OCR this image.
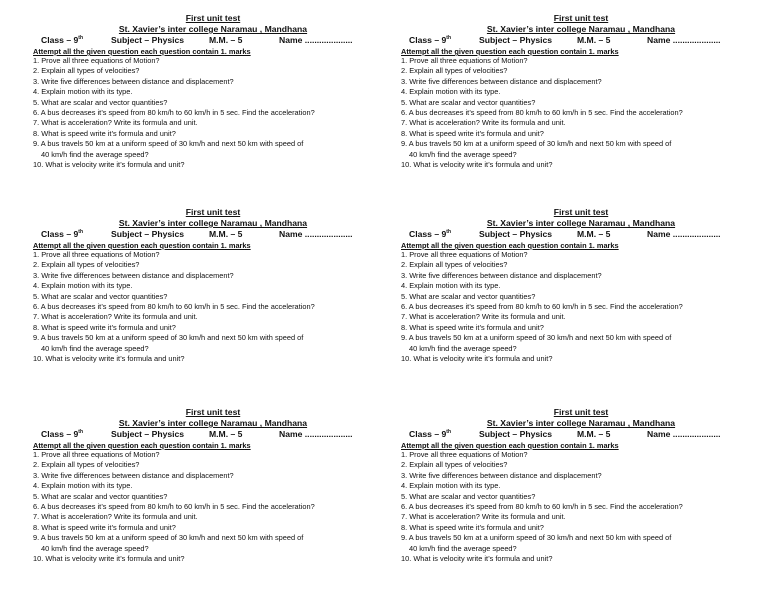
First unit test
St. Xavier’s inter college Naramau , Mandhana
Class – 9th	Subject – Physics	M.M. – 5	Name ....................
Attempt all the given question each question contain 1. marks
1. Prove all three equations of Motion?
2. Explain all types of velocities?
3. Write five differences between distance and displacement?
4. Explain motion with its type.
5. What are scalar and vector quantities?
6. A bus decreases it’s speed from 80 km/h to 60 km/h in 5 sec. Find the acceleration?
7. What is acceleration? Write its formula and unit.
8. What is speed write it’s formula and unit?
9. A bus travels 50 km at a uniform speed of 30 km/h and next 50 km with speed of
40 km/h find the average speed?
10. What is velocity write it’s formula and unit?
First unit test
St. Xavier’s inter college Naramau , Mandhana
Class – 9th	Subject – Physics	M.M. – 5	Name ....................
Attempt all the given question each question contain 1. marks
1. Prove all three equations of Motion?
2. Explain all types of velocities?
3. Write five differences between distance and displacement?
4. Explain motion with its type.
5. What are scalar and vector quantities?
6. A bus decreases it’s speed from 80 km/h to 60 km/h in 5 sec. Find the acceleration?
7. What is acceleration? Write its formula and unit.
8. What is speed write it’s formula and unit?
9. A bus travels 50 km at a uniform speed of 30 km/h and next 50 km with speed of
40 km/h find the average speed?
10. What is velocity write it’s formula and unit?
First unit test
St. Xavier’s inter college Naramau , Mandhana
Class – 9th	Subject – Physics	M.M. – 5	Name ....................
Attempt all the given question each question contain 1. marks
1. Prove all three equations of Motion?
2. Explain all types of velocities?
3. Write five differences between distance and displacement?
4. Explain motion with its type.
5. What are scalar and vector quantities?
6. A bus decreases it’s speed from 80 km/h to 60 km/h in 5 sec. Find the acceleration?
7. What is acceleration? Write its formula and unit.
8. What is speed write it’s formula and unit?
9. A bus travels 50 km at a uniform speed of 30 km/h and next 50 km with speed of
40 km/h find the average speed?
10. What is velocity write it’s formula and unit?
First unit test
St. Xavier’s inter college Naramau , Mandhana
Class – 9th	Subject – Physics	M.M. – 5	Name ....................
Attempt all the given question each question contain 1. marks
1. Prove all three equations of Motion?
2. Explain all types of velocities?
3. Write five differences between distance and displacement?
4. Explain motion with its type.
5. What are scalar and vector quantities?
6. A bus decreases it’s speed from 80 km/h to 60 km/h in 5 sec. Find the acceleration?
7. What is acceleration? Write its formula and unit.
8. What is speed write it’s formula and unit?
9. A bus travels 50 km at a uniform speed of 30 km/h and next 50 km with speed of
40 km/h find the average speed?
10. What is velocity write it’s formula and unit?
First unit test
St. Xavier’s inter college Naramau , Mandhana
Class – 9th	Subject – Physics	M.M. – 5	Name ....................
Attempt all the given question each question contain 1. marks
1. Prove all three equations of Motion?
2. Explain all types of velocities?
3. Write five differences between distance and displacement?
4. Explain motion with its type.
5. What are scalar and vector quantities?
6. A bus decreases it’s speed from 80 km/h to 60 km/h in 5 sec. Find the acceleration?
7. What is acceleration? Write its formula and unit.
8. What is speed write it’s formula and unit?
9. A bus travels 50 km at a uniform speed of 30 km/h and next 50 km with speed of
40 km/h find the average speed?
10. What is velocity write it’s formula and unit?
First unit test
St. Xavier’s inter college Naramau , Mandhana
Class – 9th	Subject – Physics	M.M. – 5	Name ....................
Attempt all the given question each question contain 1. marks
1. Prove all three equations of Motion?
2. Explain all types of velocities?
3. Write five differences between distance and displacement?
4. Explain motion with its type.
5. What are scalar and vector quantities?
6. A bus decreases it’s speed from 80 km/h to 60 km/h in 5 sec. Find the acceleration?
7. What is acceleration? Write its formula and unit.
8. What is speed write it’s formula and unit?
9. A bus travels 50 km at a uniform speed of 30 km/h and next 50 km with speed of
40 km/h find the average speed?
10. What is velocity write it’s formula and unit?
